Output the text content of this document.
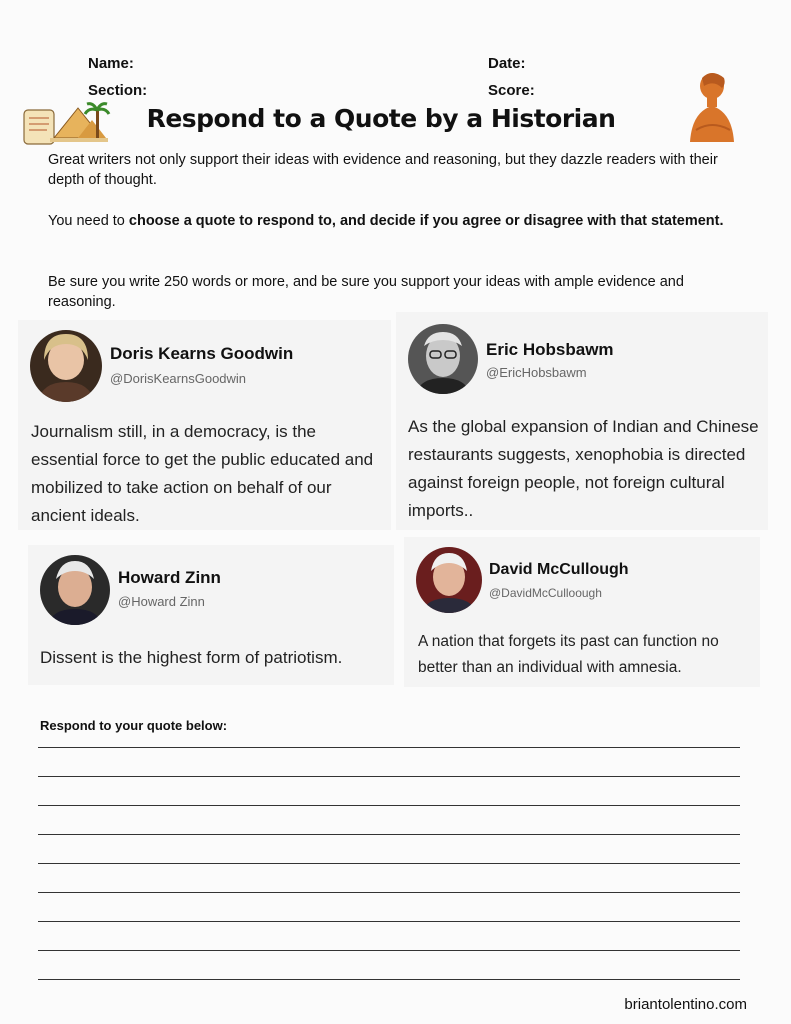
Name:
Section:
Date:
Score:
Respond to a Quote by a Historian
Great writers not only support their ideas with evidence and reasoning, but they dazzle readers with their depth of thought.
You need to choose a quote to respond to, and decide if you agree or disagree with that statement.
Be sure you write 250 words or more, and be sure you support your ideas with ample evidence and reasoning.
Doris Kearns Goodwin
@DorisKearnsGoodwin
Journalism still, in a democracy, is the essential force to get the public educated and mobilized to take action on behalf of our ancient ideals.
Eric Hobsbawm
@EricHobsbawm
As the global expansion of Indian and Chinese restaurants suggests, xenophobia is directed against foreign people, not foreign cultural imports..
Howard Zinn
@Howard Zinn
Dissent is the highest form of patriotism.
David McCullough
@DavidMcCulloough
A nation that forgets its past can function no better than an individual with amnesia.
Respond to your quote below:
briantolentino.com
